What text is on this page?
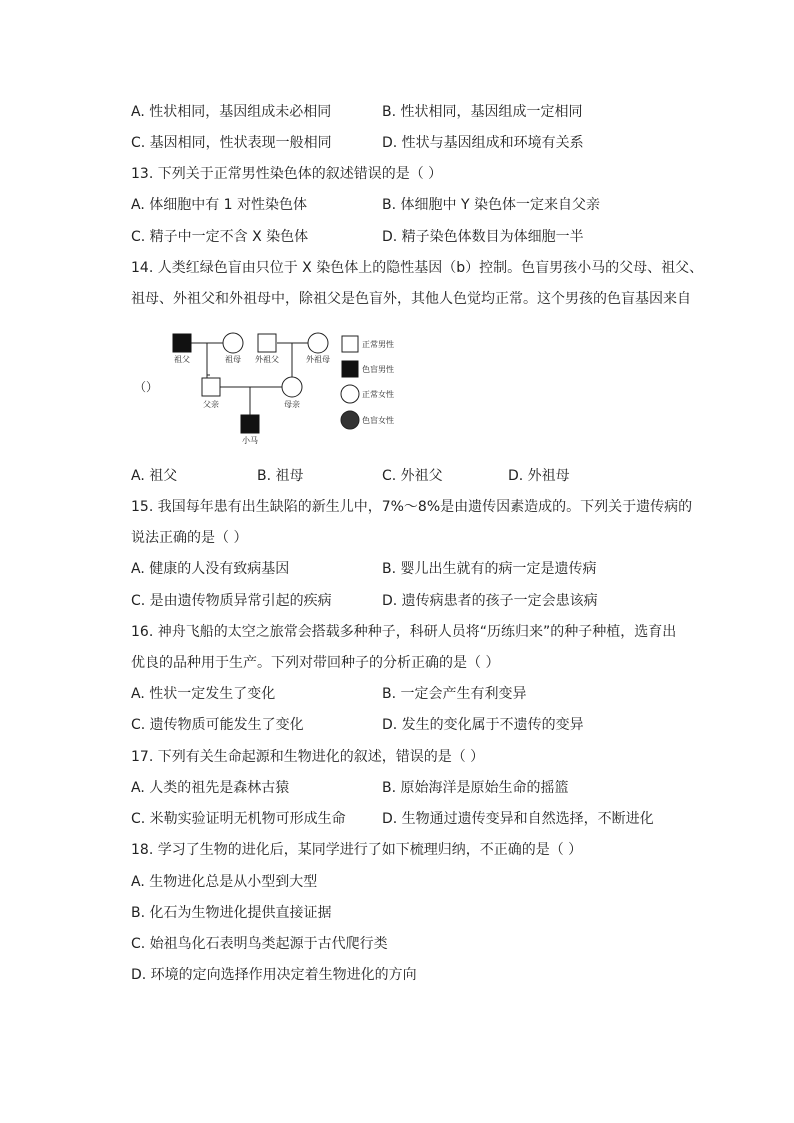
A. 性状相同，基因组成未必相同	B. 性状相同，基因组成一定相同
C. 基因相同，性状表现一般相同	D. 性状与基因组成和环境有关系
13. 下列关于正常男性染色体的叙述错误的是（ ）
A. 体细胞中有 1 对性染色体	B. 体细胞中 Y 染色体一定来自父亲
C. 精子中一定不含 X 染色体	D. 精子染色体数目为体细胞一半
14. 人类红绿色盲由只位于 X 染色体上的隐性基因（b）控制。色盲男孩小马的父母、祖父、
祖母、外祖父和外祖母中，除祖父是色盲外，其他人色觉均正常。这个男孩的色盲基因来自
（）
祖父	祖母 外祖父	外祖母
父亲	母亲
小马
正常男性
色盲男性
正常女性
色盲女性
A. 祖父	B. 祖母	C. 外祖父	D. 外祖母
15. 我国每年患有出生缺陷的新生儿中，7%～8%是由遗传因素造成的。下列关于遗传病的
说法正确的是（ ）
A. 健康的人没有致病基因	B. 婴儿出生就有的病一定是遗传病
C. 是由遗传物质异常引起的疾病	D. 遗传病患者的孩子一定会患该病
16. 神舟飞船的太空之旅常会搭载多种种子，科研人员将“历练归来”的种子种植，选育出
优良的品种用于生产。下列对带回种子的分析正确的是（ ）
A. 性状一定发生了变化	B. 一定会产生有利变异
C. 遗传物质可能发生了变化	D. 发生的变化属于不遗传的变异
17. 下列有关生命起源和生物进化的叙述，错误的是（ ）
A. 人类的祖先是森林古猿	B. 原始海洋是原始生命的摇篮
C. 米勒实验证明无机物可形成生命	D. 生物通过遗传变异和自然选择，不断进化
18. 学习了生物的进化后，某同学进行了如下梳理归纳，不正确的是（ ）
A. 生物进化总是从小型到大型
B. 化石为生物进化提供直接证据
C. 始祖鸟化石表明鸟类起源于古代爬行类
D. 环境的定向选择作用决定着生物进化的方向
